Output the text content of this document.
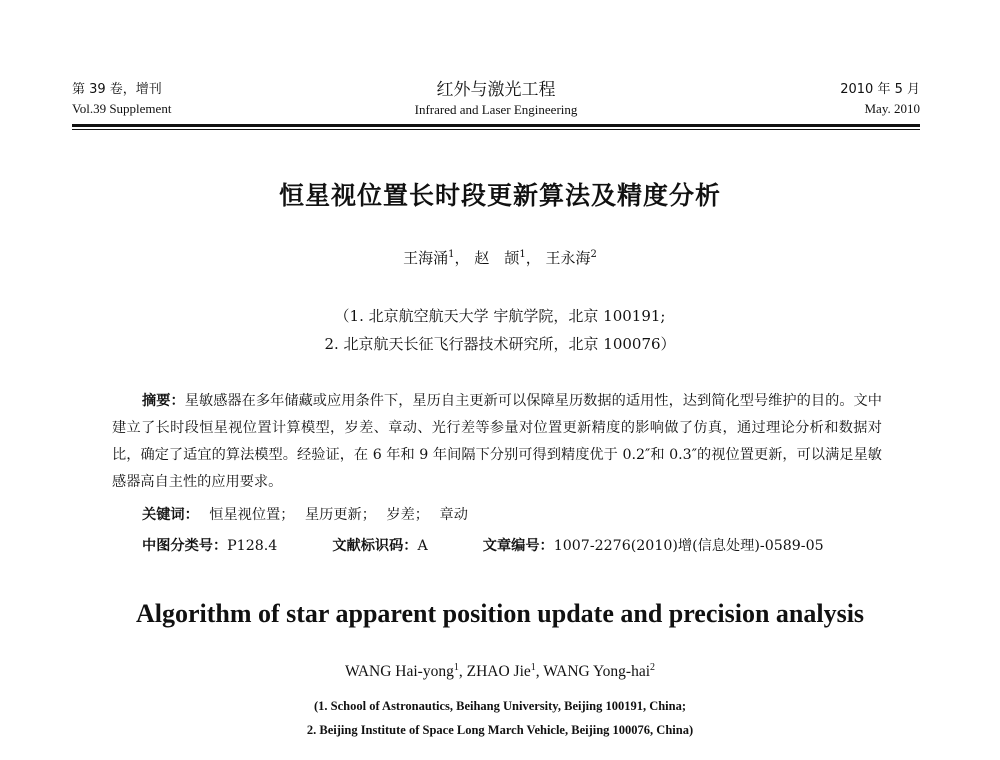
第 39 卷，增刊
Vol.39 Supplement
红外与激光工程
Infrared and Laser Engineering
2010 年 5 月
May. 2010
恒星视位置长时段更新算法及精度分析
王海涌$^1$， 赵　颉$^1$， 王永海$^2$
（1. 北京航空航天大学 宇航学院，北京 100191;
2. 北京航天长征飞行器技术研究所，北京 100076）
摘要：星敏感器在多年储藏或应用条件下，星历自主更新可以保障星历数据的适用性，达到简化型号维护的目的。文中建立了长时段恒星视位置计算模型，岁差、章动、光行差等参量对位置更新精度的影响做了仿真，通过理论分析和数据对比，确定了适宜的算法模型。经验证，在 6 年和 9 年间隔下分别可得到精度优于 0.2″和 0.3″的视位置更新，可以满足星敏感器高自主性的应用要求。
关键词： 恒星视位置； 星历更新； 岁差； 章动
中图分类号：P128.4	文献标识码：A	文章编号：1007-2276(2010)增(信息处理)-0589-05
Algorithm of star apparent position update and precision analysis
WANG Hai-yong$^1$, ZHAO Jie$^1$, WANG Yong-hai$^2$
(1. School of Astronautics, Beihang University, Beijing 100191, China;
2. Beijing Institute of Space Long March Vehicle, Beijing 100076, China)
